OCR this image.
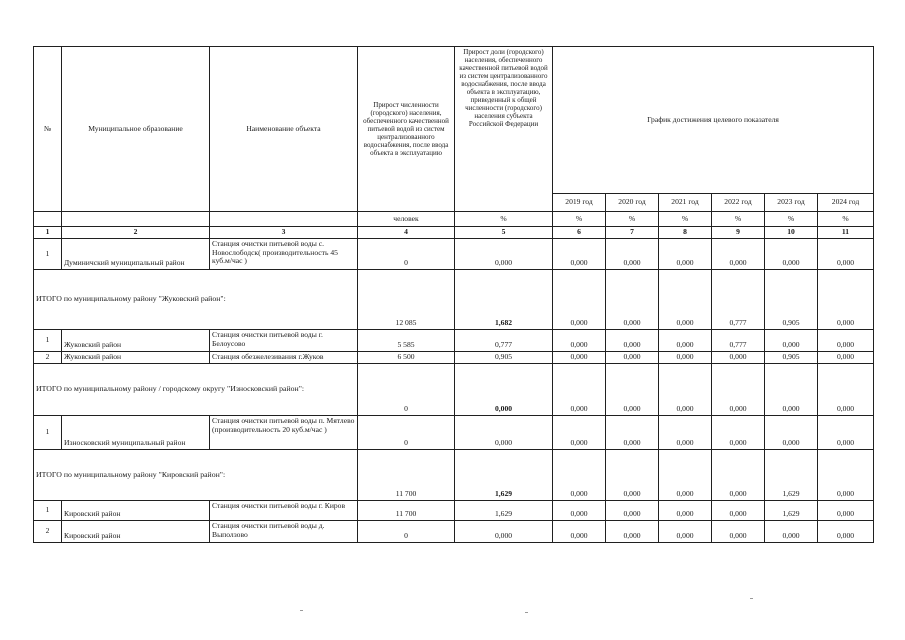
№	Муниципальное образование	Наименование объекта	Прирост численности (городского) населения, обеспеченного качественной питьевой водой из систем централизованного водоснабжения, после ввода объекта в эксплуатацию	Прирост доли (городского) населения, обеспеченного качественной питьевой водой из систем централизованного водоснабжения, после ввода объекта в эксплуатацию, приведенный к общей численности (городского) населения субъекта Российской Федерации	График достижения целевого показателя					
					2019 год	2020 год	2021 год	2022 год	2023 год	2024 год
			человек	%	%	%	%	%	%	%
1	2	3	4	5	6	7	8	9	10	11
1	Думиничский муниципальный район	Станция очистки питьевой воды с. Новослободск( производительность 45 куб.м/час )	0	0,000	0,000	0,000	0,000	0,000	0,000	0,000
ИТОГО по муниципальному району "Жуковский район":			12 085	1,682	0,000	0,000	0,000	0,777	0,905	0,000
1	Жуковский район	Станция очистки питьевой воды г. Белоусово	5 585	0,777	0,000	0,000	0,000	0,777	0,000	0,000
2	Жуковский район	Станция обезжелезивания г.Жуков	6 500	0,905	0,000	0,000	0,000	0,000	0,905	0,000
ИТОГО по муниципальному району / городскому округу "Износковский район":			0	0,000	0,000	0,000	0,000	0,000	0,000	0,000
1	Износковский муниципальный район	Станция очистки питьевой воды п. Мятлево (производительность 20 куб.м/час )	0	0,000	0,000	0,000	0,000	0,000	0,000	0,000
ИТОГО по муниципальному району "Кировский район":			11 700	1,629	0,000	0,000	0,000	0,000	1,629	0,000
1	Кировский район	Станция очистки питьевой воды г. Киров	11 700	1,629	0,000	0,000	0,000	0,000	1,629	0,000
2	Кировский район	Станция очистки питьевой воды д. Выползово	0	0,000	0,000	0,000	0,000	0,000	0,000	0,000
